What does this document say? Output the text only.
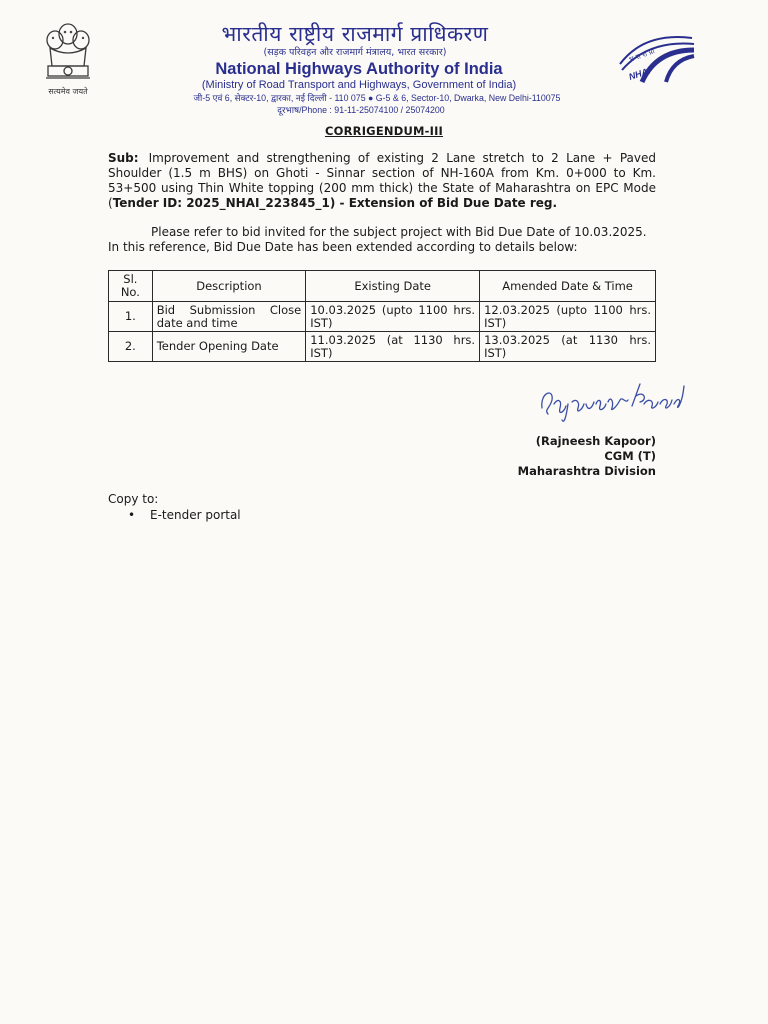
सत्यमेव जयते
भारतीय राष्ट्रीय राजमार्ग प्राधिकरण
(सड़क परिवहन और राजमार्ग मंत्रालय, भारत सरकार)
National Highways Authority of India
(Ministry of Road Transport and Highways, Government of India)
जी-5 एवं 6, सेक्टर-10, द्वारका, नई दिल्ली - 110 075 ● G-5 & 6, Sector-10, Dwarka, New Delhi-110075
दूरभाष/Phone : 91-11-25074100 / 25074200
भ रा रा प्रा
NHAI
CORRIGENDUM-III
Sub: Improvement and strengthening of existing 2 Lane stretch to 2 Lane + Paved Shoulder (1.5 m BHS) on Ghoti - Sinnar section of NH-160A from Km. 0+000 to Km. 53+500 using Thin White topping (200 mm thick) the State of Maharashtra on EPC Mode (Tender ID: 2025_NHAI_223845_1) - Extension of Bid Due Date reg.
Please refer to bid invited for the subject project with Bid Due Date of 10.03.2025. In this reference, Bid Due Date has been extended according to details below:
Sl. No.	Description	Existing Date	Amended Date & Time
1.	Bid Submission Close date and time	10.03.2025 (upto 1100 hrs. IST)	12.03.2025 (upto 1100 hrs. IST)
2.	Tender Opening Date	11.03.2025 (at 1130 hrs. IST)	13.03.2025 (at 1130 hrs. IST)
(Rajneesh Kapoor)
CGM (T)
Maharashtra Division
Copy to:
• E-tender portal
